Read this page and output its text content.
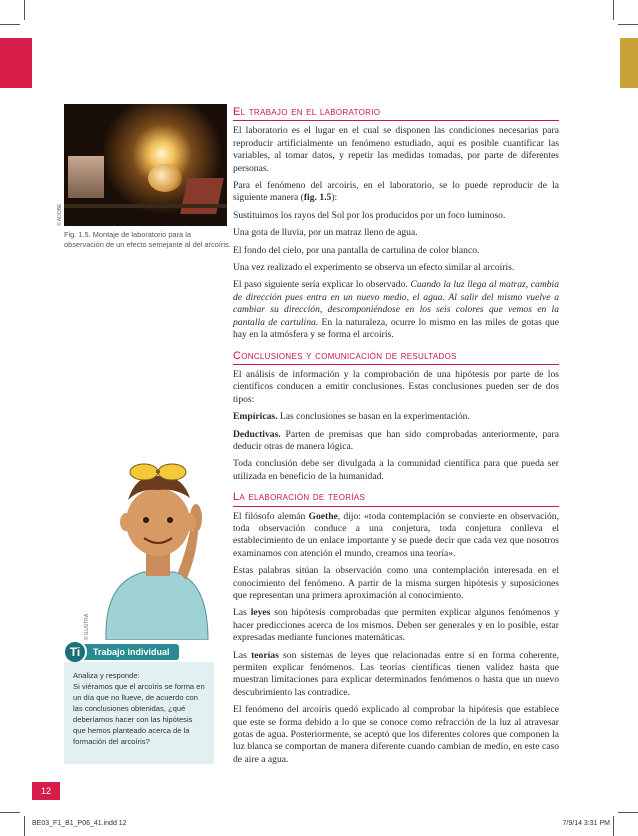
© ADOBE
Fig. 1.5. Montaje de laboratorio para la observación de un efecto semejante al del arcoíris.
© ILUSTRA
Ti	Trabajo individual

Analiza y responde:

Si viéramos que el arcoíris se forma en un día que no llueve, de acuerdo con las conclusiones obtenidas, ¿qué deberíamos hacer con las hipótesis que hemos planteado acerca de la formación del arcoíris?

El trabajo en el laboratorio

El laboratorio es el lugar en el cual se disponen las condiciones necesarias para reproducir artificialmente un fenómeno estudiado, aquí es posible cuantificar las variables, al tomar datos, y repetir las medidas tomadas, por parte de diferentes personas.

Para el fenómeno del arcoíris, en el laboratorio, se lo puede reproducir de la siguiente manera (fig. 1.5):

Sustituimos los rayos del Sol por los producidos por un foco luminoso.

Una gota de lluvia, por un matraz lleno de agua.

El fondo del cielo, por una pantalla de cartulina de color blanco.

Una vez realizado el experimento se observa un efecto similar al arcoíris.

El paso siguiente sería explicar lo observado. Cuando la luz llega al matraz, cambia de dirección pues entra en un nuevo medio, el agua. Al salir del mismo vuelve a cambiar su dirección, descomponiéndose en los seis colores que vemos en la pantalla de cartulina. En la naturaleza, ocurre lo mismo en las miles de gotas que hay en la atmósfera y se forma el arcoíris.

Conclusiones y comunicación de resultados

El análisis de información y la comprobación de una hipótesis por parte de los científicos conducen a emitir conclusiones. Estas conclusiones pueden ser de dos tipos:

Empíricas. Las conclusiones se basan en la experimentación.

Deductivas. Parten de premisas que han sido comprobadas anteriormente, para deducir otras de manera lógica.

Toda conclusión debe ser divulgada a la comunidad científica para que pueda ser utilizada en beneficio de la humanidad.

La elaboración de teorías

El filósofo alemán Goethe, dijo: «toda contemplación se convierte en observación, toda observación conduce a una conjetura, toda conjetura conlleva el establecimiento de un enlace importante y se puede decir que cada vez que nosotros examinamos con atención el mundo, creamos una teoría».

Estas palabras sitúan la observación como una contemplación interesada en el conocimiento del fenómeno. A partir de la misma surgen hipótesis y suposiciones que representan una primera aproximación al conocimiento.

Las leyes son hipótesis comprobadas que permiten explicar algunos fenómenos y hacer predicciones acerca de los mismos. Deben ser generales y en lo posible, estar expresadas mediante funciones matemáticas.

Las teorías son sistemas de leyes que relacionadas entre sí en forma coherente, permiten explicar fenómenos. Las teorías científicas tienen validez hasta que muestran limitaciones para explicar determinados fenómenos o hasta que un nuevo descubrimiento las contradice.

El fenómeno del arcoíris quedó explicado al comprobar la hipótesis que establece que este se forma debido a lo que se conoce como refracción de la luz al atravesar gotas de agua. Posteriormente, se aceptó que los diferentes colores que componen la luz blanca se comportan de manera diferente cuando cambian de medio, en este caso de aire a agua.

12
BE03_F1_B1_P06_41.indd 12	7/9/14 3:31 PM
